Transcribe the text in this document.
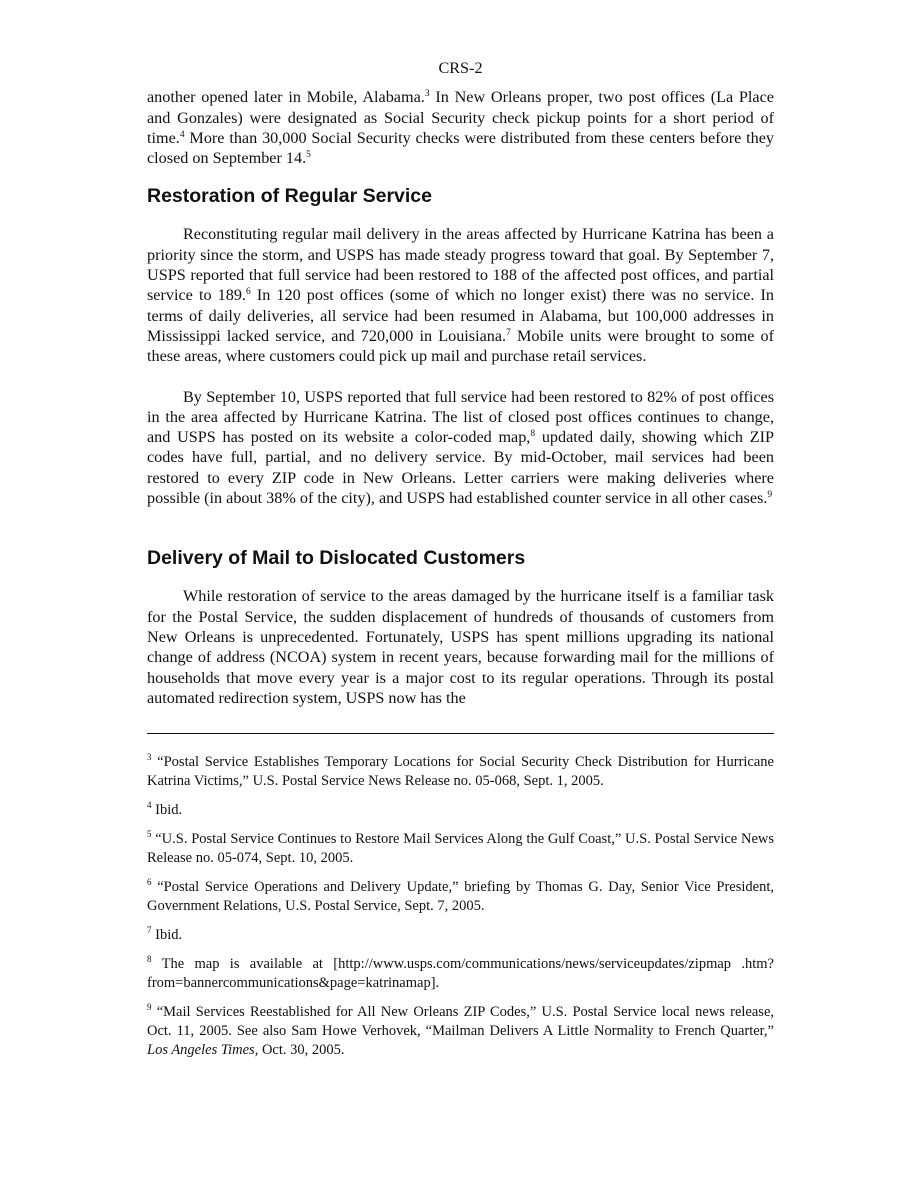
CRS-2

another opened later in Mobile, Alabama.$^3$ In New Orleans proper, two post offices (La Place and Gonzales) were designated as Social Security check pickup points for a short period of time.$^4$ More than 30,000 Social Security checks were distributed from these centers before they closed on September 14.$^5$

Restoration of Regular Service

Reconstituting regular mail delivery in the areas affected by Hurricane Katrina has been a priority since the storm, and USPS has made steady progress toward that goal. By September 7, USPS reported that full service had been restored to 188 of the affected post offices, and partial service to 189.$^6$ In 120 post offices (some of which no longer exist) there was no service. In terms of daily deliveries, all service had been resumed in Alabama, but 100,000 addresses in Mississippi lacked service, and 720,000 in Louisiana.$^7$ Mobile units were brought to some of these areas, where customers could pick up mail and purchase retail services.

By September 10, USPS reported that full service had been restored to 82% of post offices in the area affected by Hurricane Katrina. The list of closed post offices continues to change, and USPS has posted on its website a color-coded map,$^8$ updated daily, showing which ZIP codes have full, partial, and no delivery service. By mid-October, mail services had been restored to every ZIP code in New Orleans. Letter carriers were making deliveries where possible (in about 38% of the city), and USPS had established counter service in all other cases.$^9$

Delivery of Mail to Dislocated Customers

While restoration of service to the areas damaged by the hurricane itself is a familiar task for the Postal Service, the sudden displacement of hundreds of thousands of customers from New Orleans is unprecedented. Fortunately, USPS has spent millions upgrading its national change of address (NCOA) system in recent years, because forwarding mail for the millions of households that move every year is a major cost to its regular operations. Through its postal automated redirection system, USPS now has the

$^3$ “Postal Service Establishes Temporary Locations for Social Security Check Distribution for Hurricane Katrina Victims,” U.S. Postal Service News Release no. 05-068, Sept. 1, 2005.

$^4$ Ibid.

$^5$ “U.S. Postal Service Continues to Restore Mail Services Along the Gulf Coast,” U.S. Postal Service News Release no. 05-074, Sept. 10, 2005.

$^6$ “Postal Service Operations and Delivery Update,” briefing by Thomas G. Day, Senior Vice President, Government Relations, U.S. Postal Service, Sept. 7, 2005.

$^7$ Ibid.

$^8$ The map is available at [http://www.usps.com/communications/news/serviceupdates/zipmap .htm?from=bannercommunications&page=katrinamap].

$^9$ “Mail Services Reestablished for All New Orleans ZIP Codes,” U.S. Postal Service local news release, Oct. 11, 2005. See also Sam Howe Verhovek, “Mailman Delivers A Little Normality to French Quarter,” Los Angeles Times, Oct. 30, 2005.
